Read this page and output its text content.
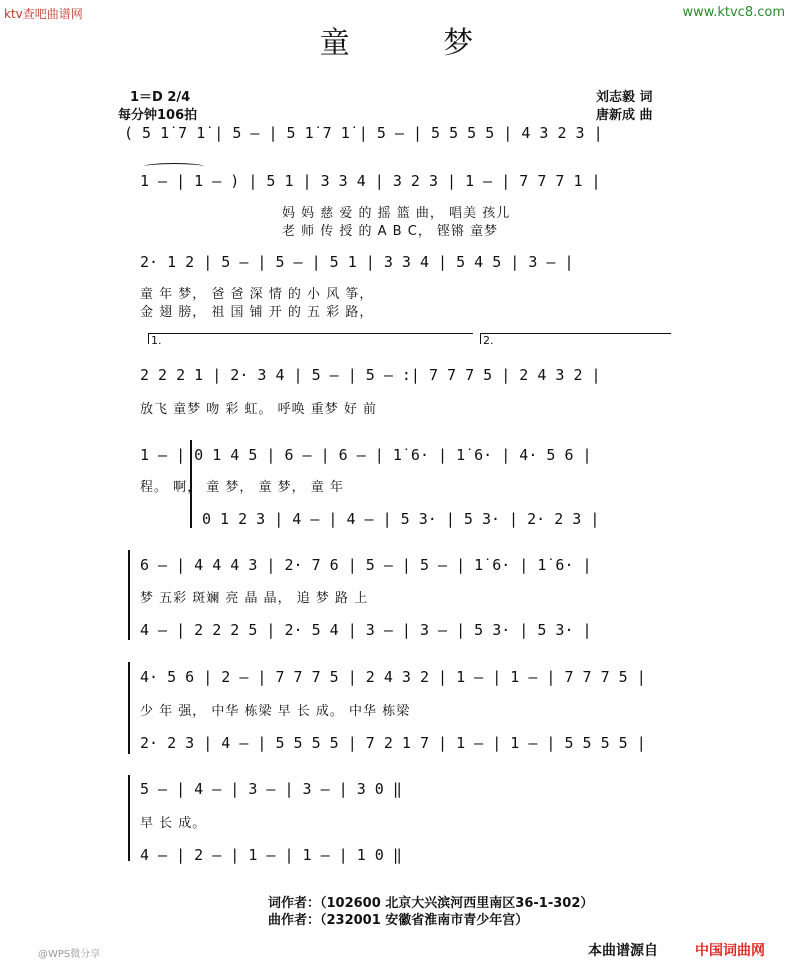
ktv查吧曲谱网	www.ktvc8.com
童 梦
1＝D 2/4
每分钟106拍
刘志毅 词
唐新成 曲
( 5 1̇ 7 1̇ | 5 — | 5 1̇ 7 1̇ | 5 — | 5 5 5 5 | 4 3 2 3 |
1 — | 1 — ) | 5 1 | 3 3 4 | 3 2 3 | 1 — | 7 7 7 1 |
妈 妈 慈 爱 的 摇 篮 曲， 唱美 孩儿
老 师 传 授 的 A B C， 铿锵 童梦
2· 1 2 | 5 — | 5 — | 5 1 | 3 3 4 | 5 4 5 | 3 — |
童 年 梦， 爸 爸 深 情 的 小 风 筝，
金 翅 膀， 祖 国 铺 开 的 五 彩 路，
1.	2.
2 2 2 1 | 2· 3 4 | 5 — | 5 — :| 7 7 7 5 | 2 4 3 2 |
放飞 童梦 吻 彩 虹。 呼唤 重梦 好 前
1 — | 0 1 4 5 | 6 — | 6 — | 1̇ 6· | 1̇ 6· | 4· 5 6 |
程。 啊， 童 梦， 童 梦， 童 年
0 1 2 3 | 4 — | 4 — | 5 3· | 5 3· | 2· 2 3 |
6 — | 4 4 4 3 | 2· 7 6 | 5 — | 5 — | 1̇ 6· | 1̇ 6· |
梦 五彩 斑斓 亮 晶 晶， 追 梦 路 上
4 — | 2 2 2 5 | 2· 5 4 | 3 — | 3 — | 5 3· | 5 3· |
4· 5 6 | 2 — | 7 7 7 5 | 2 4 3 2 | 1 — | 1 — | 7 7 7 5 |
少 年 强， 中华 栋梁 早 长 成。 中华 栋梁
2· 2 3 | 4 — | 5 5 5 5 | 7 2 1 7 | 1 — | 1 — | 5 5 5 5 |
5 — | 4 — | 3 — | 3 — | 3 0 ‖
早 长 成。
4 — | 2 — | 1 — | 1 — | 1 0 ‖
词作者：（102600 北京大兴滨河西里南区36-1-302）
曲作者：（232001 安徽省淮南市青少年宫）
@WPS微分享	本曲谱源自	中国词曲网
